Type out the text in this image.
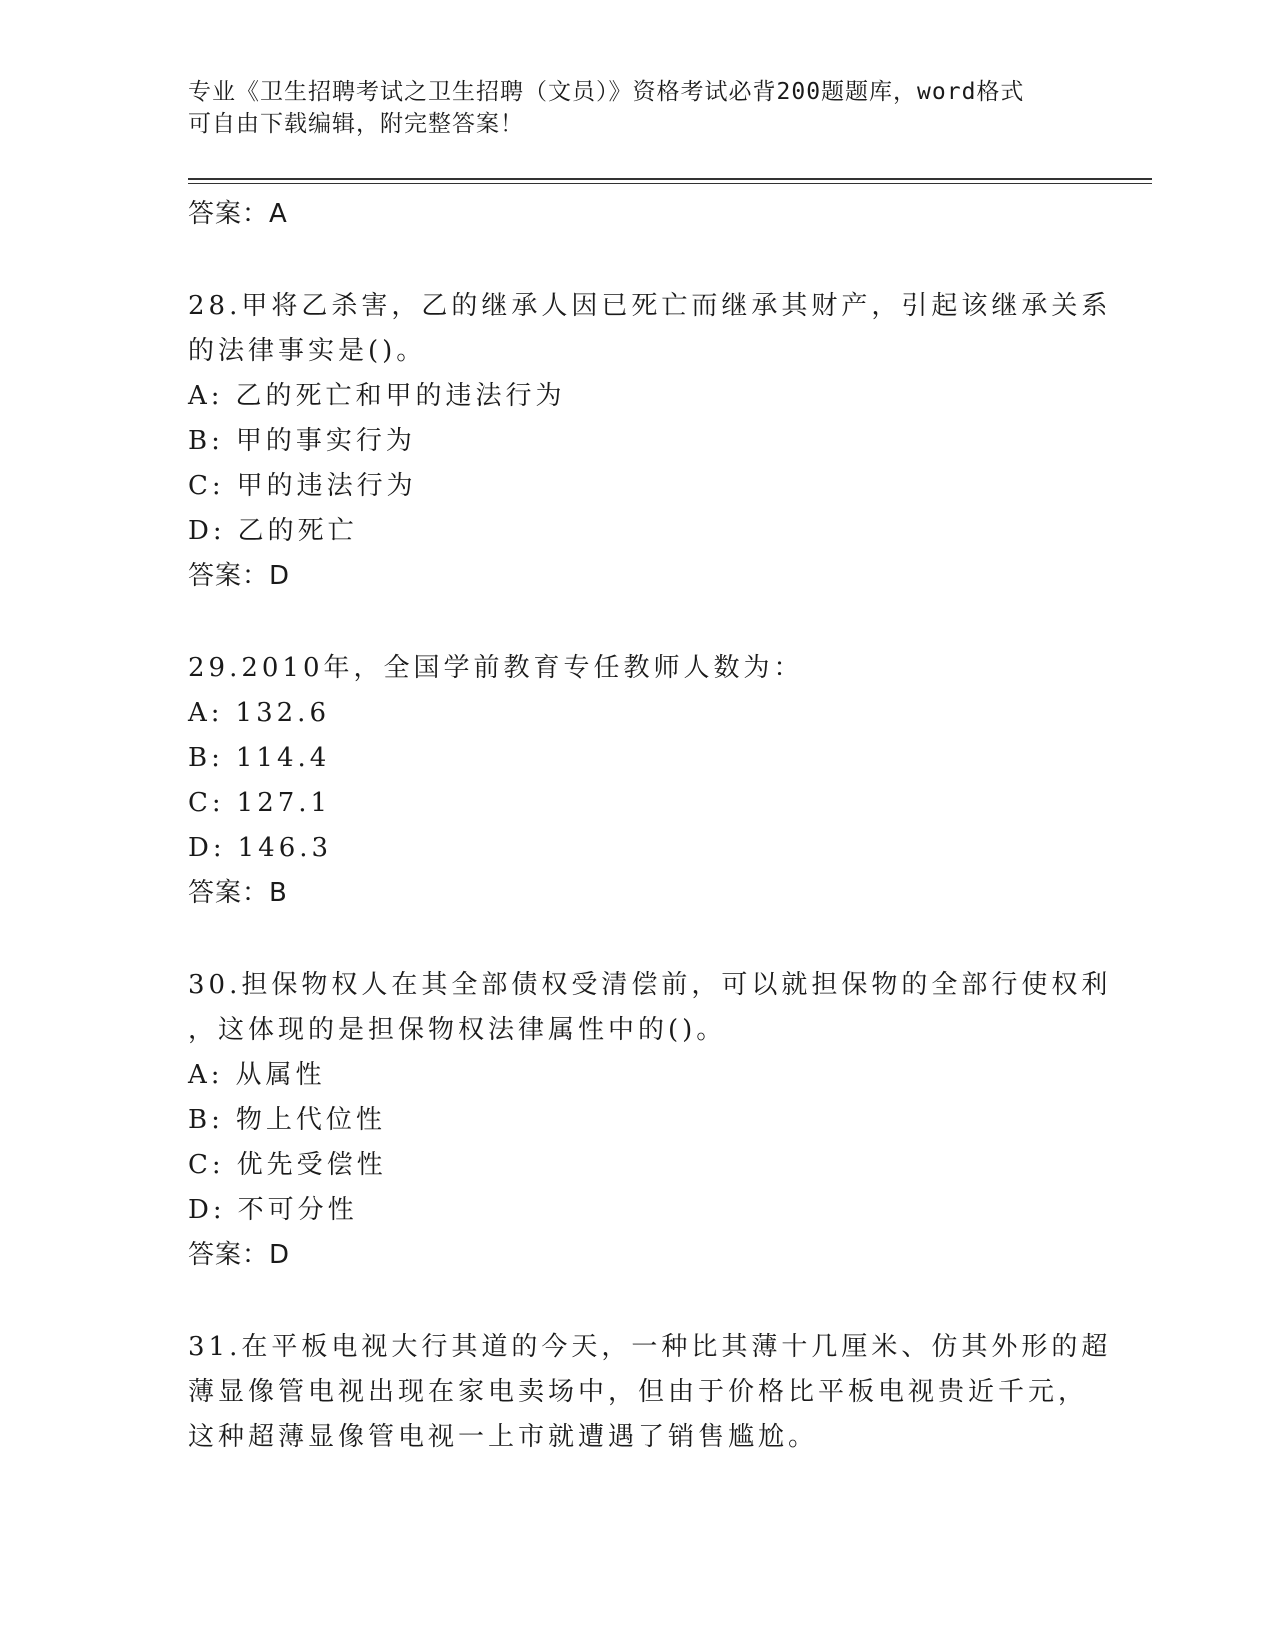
专业《卫生招聘考试之卫生招聘（文员）》资格考试必背200题题库，word格式
可自由下载编辑，附完整答案！
答案：A
28.甲将乙杀害，乙的继承人因已死亡而继承其财产，引起该继承关系
的法律事实是()。
A: 乙的死亡和甲的违法行为
B: 甲的事实行为
C: 甲的违法行为
D: 乙的死亡
答案：D
29.2010年，全国学前教育专任教师人数为：
A: 132.6
B: 114.4
C: 127.1
D: 146.3
答案：B
30.担保物权人在其全部债权受清偿前，可以就担保物的全部行使权利
，这体现的是担保物权法律属性中的()。
A: 从属性
B: 物上代位性
C: 优先受偿性
D: 不可分性
答案：D
31.在平板电视大行其道的今天，一种比其薄十几厘米、仿其外形的超
薄显像管电视出现在家电卖场中，但由于价格比平板电视贵近千元，
这种超薄显像管电视一上市就遭遇了销售尴尬。
